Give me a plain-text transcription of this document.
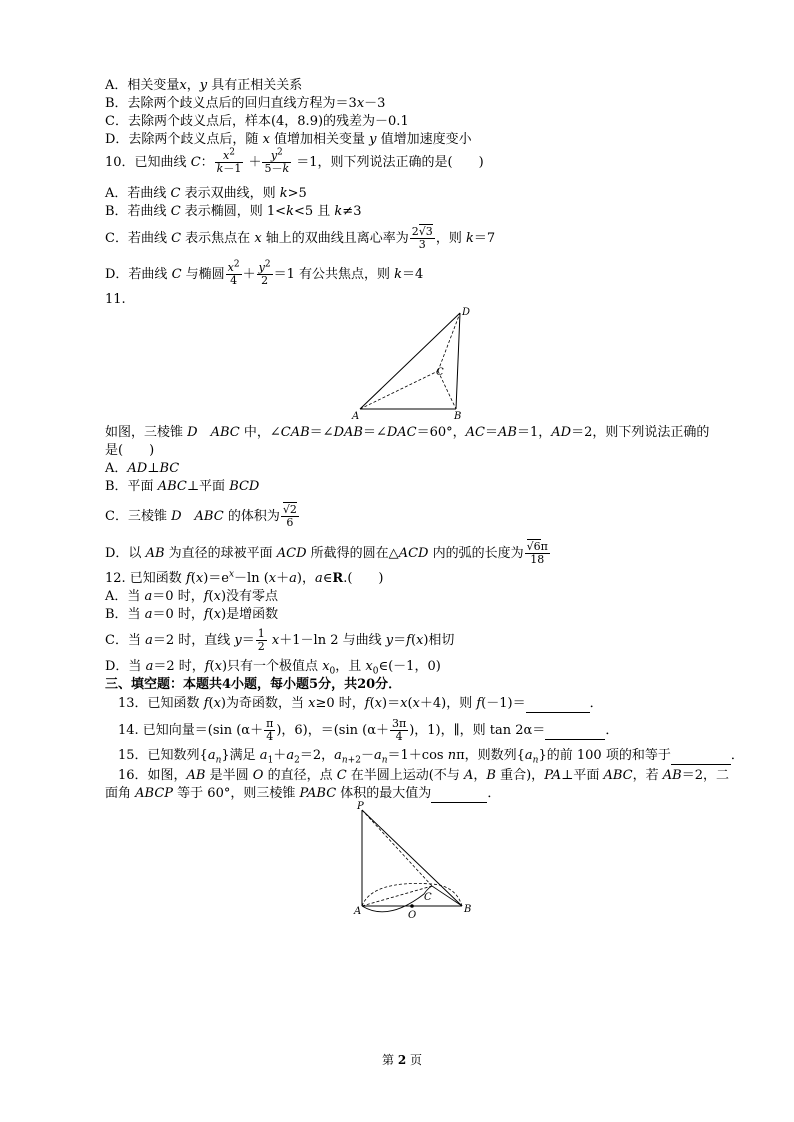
A．相关变量x，y 具有正相关关系
B．去除两个歧义点后的回归直线方程为＝3x－3
C．去除两个歧义点后，样本(4，8.9)的残差为－0.1
D．去除两个歧义点后，随 x 值增加相关变量 y 值增加速度变小
10．已知曲线 C： $\frac{x^2}{k-1} + \frac{y^2}{5-k} =1$，则下列说法正确的是(　　)
A．若曲线 C 表示双曲线，则 k>5
B．若曲线 C 表示椭圆，则 1<k<5 且 k≠3
C．若曲线 C 表示焦点在 x 轴上的双曲线且离心率为 $\frac{2√3}{3}$ ，则 k＝7
D．若曲线 C 与椭圆 $\frac{x^2}{4} + \frac{y^2}{2} =1$ 有公共焦点，则 k＝4
11.
A	B
C
D
如图，三棱锥 D　 ABC 中，∠CAB＝∠DAB＝∠DAC＝60°，AC＝AB＝1，AD＝2，则下列说法正确的
是(　　)
A．AD⊥BC
B．平面 ABC⊥平面 BCD
C．三棱锥 D　 ABC 的体积为 $\frac{√2}{6}$
D．以 AB 为直径的球被平面 ACD 所截得的圆在△ACD 内的弧的长度为 $\frac{√6\pi}{18}$
12. 已知函数 $f(x)=e^x-\ln$ (x＋a)，a∈R.(　　)
A．当 a＝0 时，f(x)没有零点
B．当 a＝0 时，f(x)是增函数
C．当 a＝2 时，直线 $y= \frac{1}{2} x+1-\ln$ 2 与曲线 y＝f(x)相切
D．当 a＝2 时，f(x)只有一个极值点 $x_0$，且 $x_0\in(-1$，0)
三、填空题：本题共4小题，每小题5分，共20分．
13．已知函数 f(x)为奇函数，当 x≥0 时，f(x)＝x(x＋4)，则 f(－1)＝	．
14. 已知向量＝(sin ($\alpha+ \frac{\pi}{4}$ )，6)，＝(sin ($\alpha+ \frac{3\pi}{4}$ )，1)，∥，则 tan 2α＝	．
15．已知数列$\{a_n\}$满足 $a_1+a_2=2$，$a_{n+2}-a_n=1+\cos$ nπ，则数列$\{a_n\}$的前 100 项的和等于	．
16．如图，AB 是半圆 O 的直径，点 C 在半圆上运动(不与 A，B 重合)，PA⊥平面 ABC，若 AB＝2，二
面角 ABCP 等于 60°，则三棱锥 PABC 体积的最大值为	．
P
A	B
C
O
第 2 页
